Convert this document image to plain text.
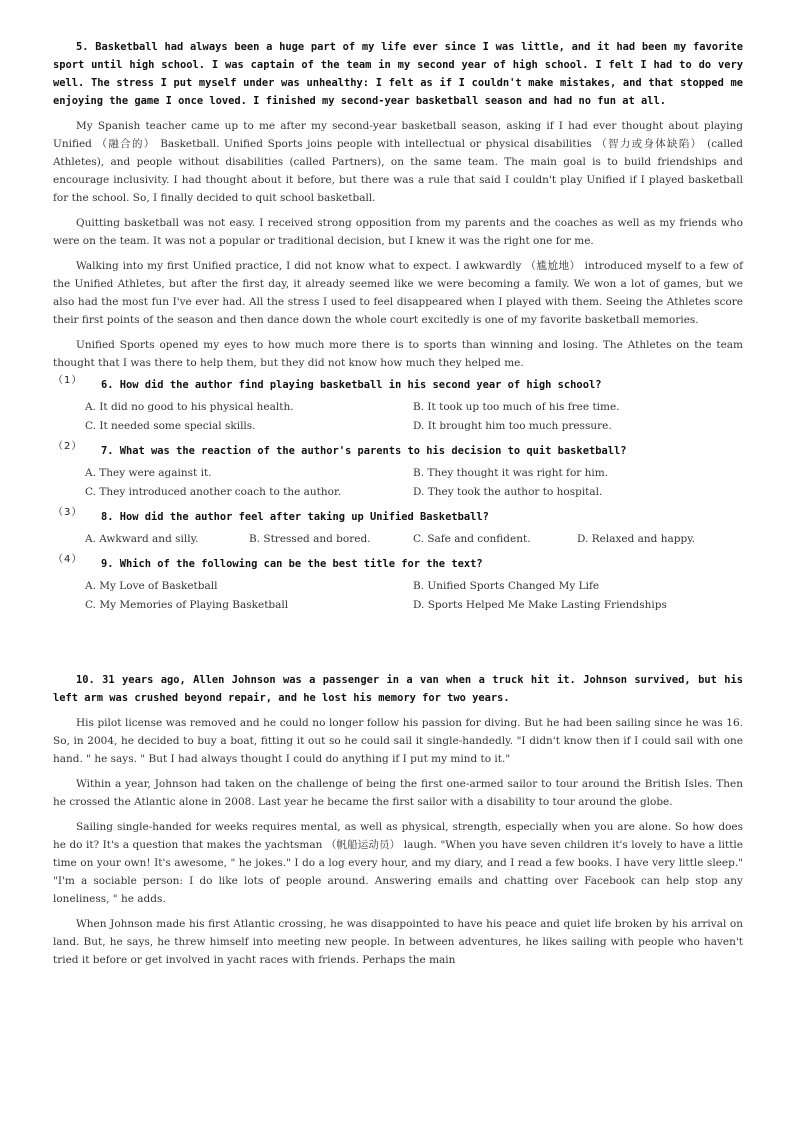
5. Basketball had always been a huge part of my life ever since I was little, and it had been my favorite sport until high school. I was captain of the team in my second year of high school. I felt I had to do very well. The stress I put myself under was unhealthy: I felt as if I couldn't make mistakes, and that stopped me enjoying the game I once loved. I finished my second-year basketball season and had no fun at all.

My Spanish teacher came up to me after my second-year basketball season, asking if I had ever thought about playing Unified （融合的） Basketball. Unified Sports joins people with intellectual or physical disabilities （智力或身体缺陷） (called Athletes), and people without disabilities (called Partners), on the same team. The main goal is to build friendships and encourage inclusivity. I had thought about it before, but there was a rule that said I couldn't play Unified if I played basketball for the school. So, I finally decided to quit school basketball.

Quitting basketball was not easy. I received strong opposition from my parents and the coaches as well as my friends who were on the team. It was not a popular or traditional decision, but I knew it was the right one for me.

Walking into my first Unified practice, I did not know what to expect. I awkwardly （尴尬地） introduced myself to a few of the Unified Athletes, but after the first day, it already seemed like we were becoming a family. We won a lot of games, but we also had the most fun I've ever had. All the stress I used to feel disappeared when I played with them. Seeing the Athletes score their first points of the season and then dance down the whole court excitedly is one of my favorite basketball memories.

Unified Sports opened my eyes to how much more there is to sports than winning and losing. The Athletes on the team thought that I was there to help them, but they did not know how much they helped me.

（1）	6. How did the author find playing basketball in his second year of high school?
A. It did no good to his physical health.	B. It took up too much of his free time.
C. It needed some special skills.	D. It brought him too much pressure.
（2）	7. What was the reaction of the author's parents to his decision to quit basketball?
A. They were against it.	B. They thought it was right for him.
C. They introduced another coach to the author.	D. They took the author to hospital.
（3）	8. How did the author feel after taking up Unified Basketball?
A. Awkward and silly.	B. Stressed and bored.	C. Safe and confident.	D. Relaxed and happy.
（4）	9. Which of the following can be the best title for the text?
A. My Love of Basketball	B. Unified Sports Changed My Life
C. My Memories of Playing Basketball	D. Sports Helped Me Make Lasting Friendships

10. 31 years ago, Allen Johnson was a passenger in a van when a truck hit it. Johnson survived, but his left arm was crushed beyond repair, and he lost his memory for two years.

His pilot license was removed and he could no longer follow his passion for diving. But he had been sailing since he was 16. So, in 2004, he decided to buy a boat, fitting it out so he could sail it single-handedly. "I didn't know then if I could sail with one hand. " he says. " But I had always thought I could do anything if I put my mind to it."

Within a year, Johnson had taken on the challenge of being the first one-armed sailor to tour around the British Isles. Then he crossed the Atlantic alone in 2008. Last year he became the first sailor with a disability to tour around the globe.

Sailing single-handed for weeks requires mental, as well as physical, strength, especially when you are alone. So how does he do it? It's a question that makes the yachtsman （帆船运动员） laugh. "When you have seven children it's lovely to have a little time on your own! It's awesome, " he jokes." I do a log every hour, and my diary, and I read a few books. I have very little sleep." "I'm a sociable person: I do like lots of people around. Answering emails and chatting over Facebook can help stop any loneliness, " he adds.

When Johnson made his first Atlantic crossing, he was disappointed to have his peace and quiet life broken by his arrival on land. But, he says, he threw himself into meeting new people. In between adventures, he likes sailing with people who haven't tried it before or get involved in yacht races with friends. Perhaps the main
